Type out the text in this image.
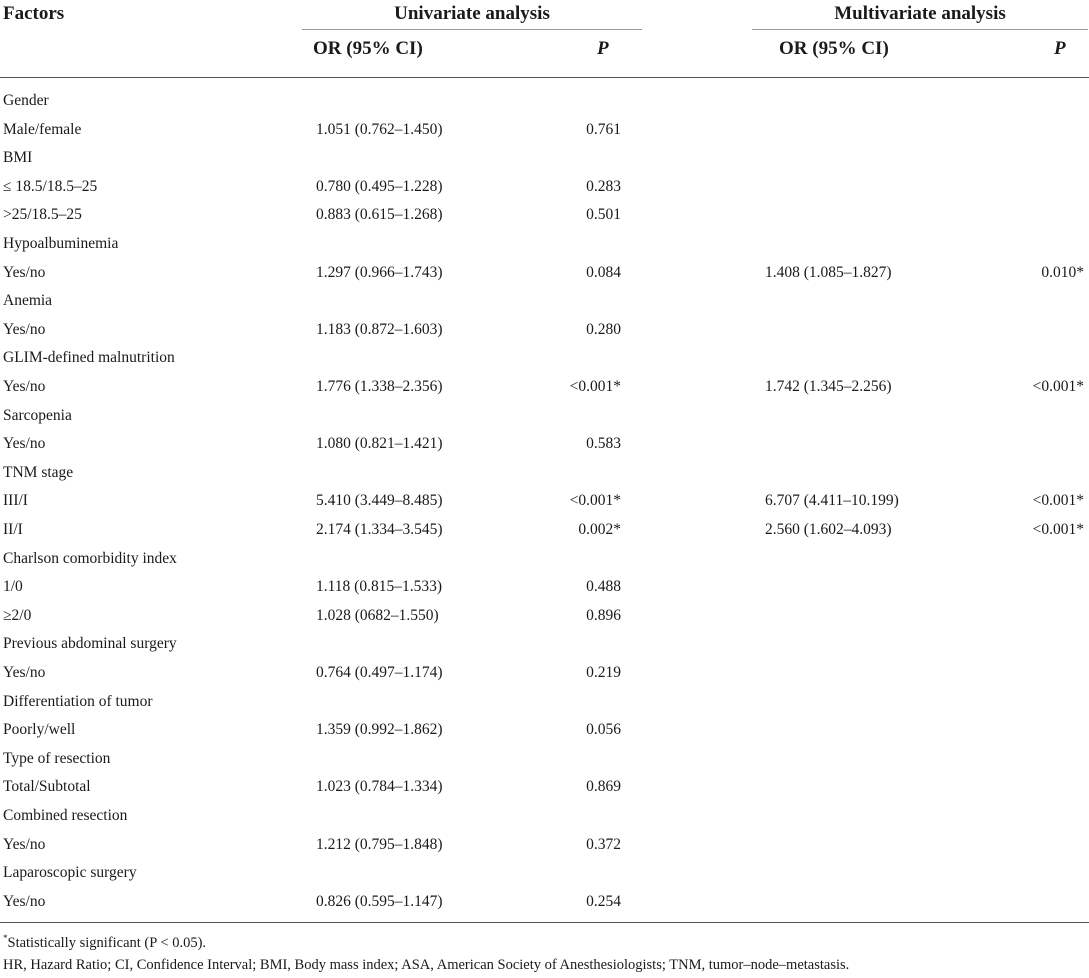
Factors	Univariate analysis	Multivariate analysis
OR (95% CI)	P	OR (95% CI)	P
Gender
Male/female	1.051 (0.762–1.450)	0.761
BMI
≤ 18.5/18.5–25	0.780 (0.495–1.228)	0.283
>25/18.5–25	0.883 (0.615–1.268)	0.501
Hypoalbuminemia
Yes/no	1.297 (0.966–1.743)	0.084	1.408 (1.085–1.827)	0.010*
Anemia
Yes/no	1.183 (0.872–1.603)	0.280
GLIM-defined malnutrition
Yes/no	1.776 (1.338–2.356)	<0.001*	1.742 (1.345–2.256)	<0.001*
Sarcopenia
Yes/no	1.080 (0.821–1.421)	0.583
TNM stage
III/I	5.410 (3.449–8.485)	<0.001*	6.707 (4.411–10.199)	<0.001*
II/I	2.174 (1.334–3.545)	0.002*	2.560 (1.602–4.093)	<0.001*
Charlson comorbidity index
1/0	1.118 (0.815–1.533)	0.488
≥2/0	1.028 (0682–1.550)	0.896
Previous abdominal surgery
Yes/no	0.764 (0.497–1.174)	0.219
Differentiation of tumor
Poorly/well	1.359 (0.992–1.862)	0.056
Type of resection
Total/Subtotal	1.023 (0.784–1.334)	0.869
Combined resection
Yes/no	1.212 (0.795–1.848)	0.372
Laparoscopic surgery
Yes/no	0.826 (0.595–1.147)	0.254
*Statistically significant (P < 0.05).
HR, Hazard Ratio; CI, Confidence Interval; BMI, Body mass index; ASA, American Society of Anesthesiologists; TNM, tumor–node–metastasis.
